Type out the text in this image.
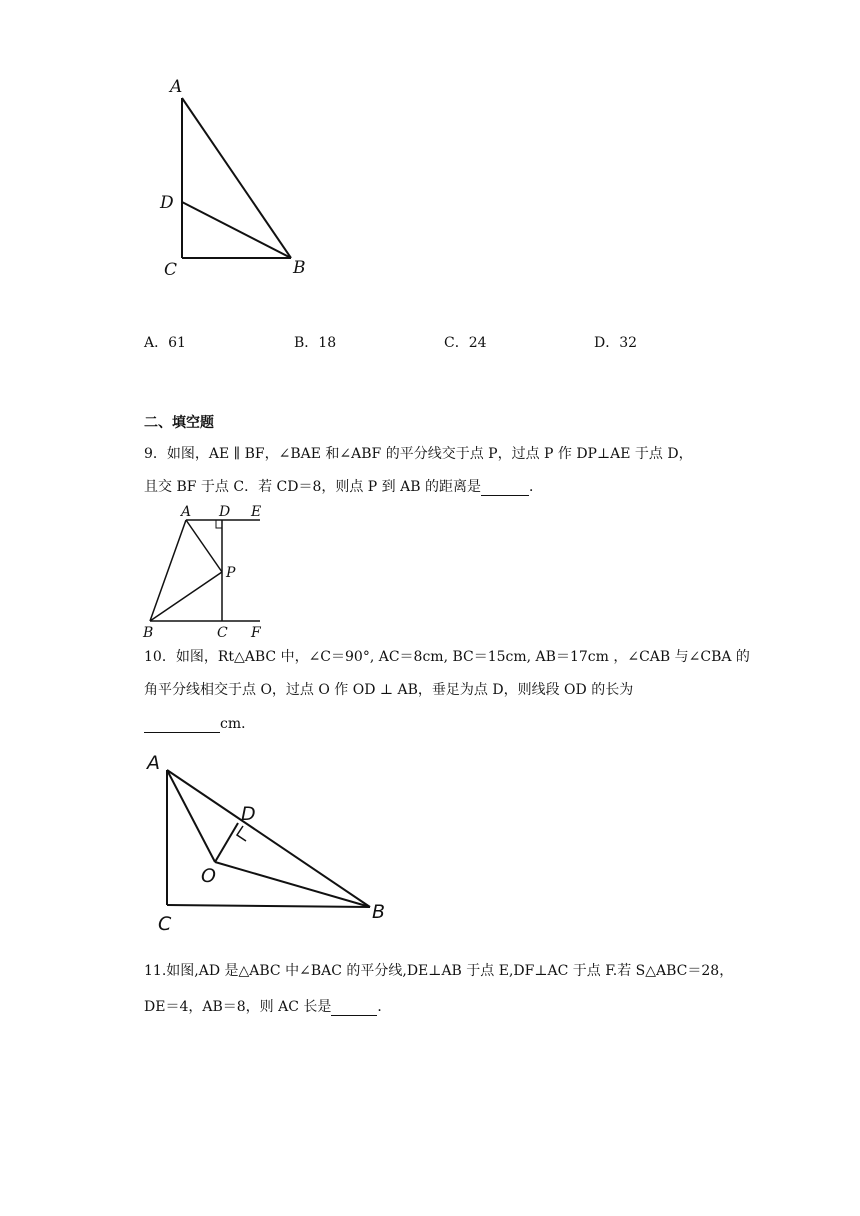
A
D
C	B
A．61	B．18	C．24	D．32
二、填空题
9．如图，AE ∥ BF，∠BAE 和∠ABF 的平分线交于点 P，过点 P 作 DP⊥AE 于点 D，
且交 BF 于点 C．若 CD＝8，则点 P 到 AB 的距离是	．
A D E
P
B	C F
10．如图，Rt△ABC 中，∠C＝90°, AC＝8cm, BC＝15cm, AB＝17cm ，∠CAB 与∠CBA 的
角平分线相交于点 O，过点 O 作 OD ⊥ AB，垂足为点 D，则线段 OD 的长为
cm．
A
D
O
C
B
11.如图,AD 是△ABC 中∠BAC 的平分线,DE⊥AB 于点 E,DF⊥AC 于点 F.若 S△ABC＝28，
DE＝4，AB＝8，则 AC 长是	．
